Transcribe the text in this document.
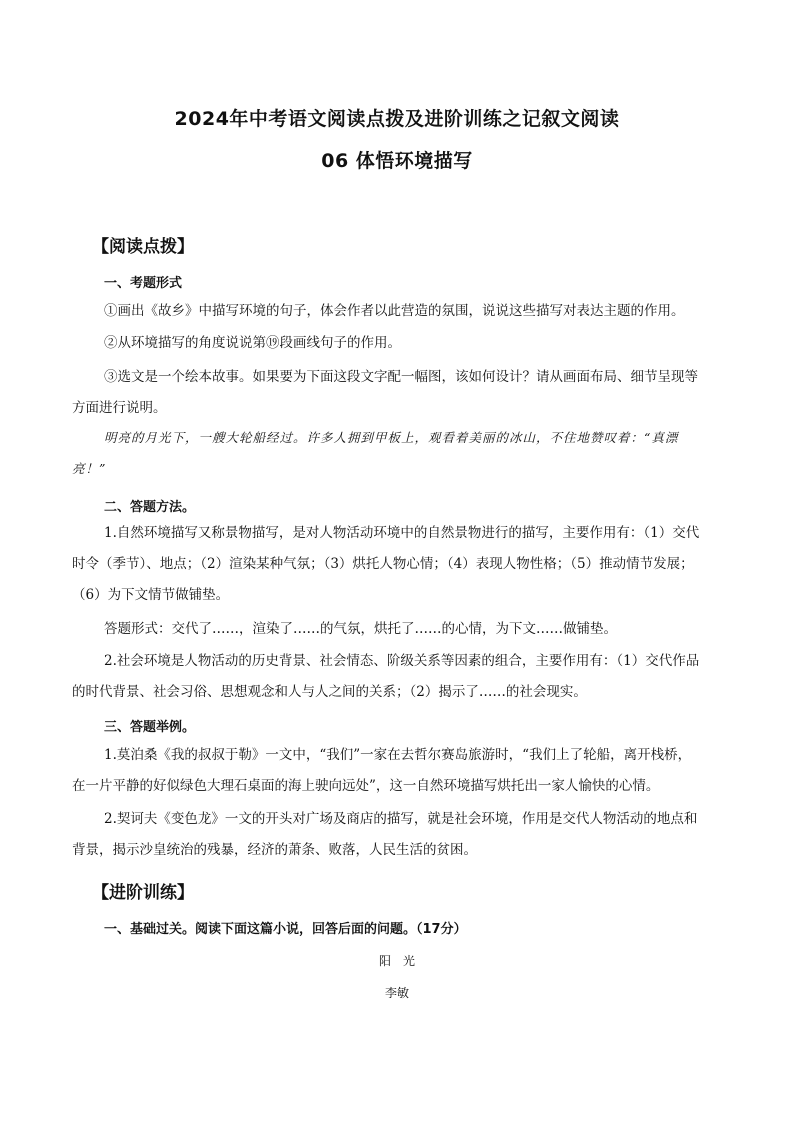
2024年中考语文阅读点拨及进阶训练之记叙文阅读
06 体悟环境描写
【阅读点拨】
一、考题形式
①画出《故乡》中描写环境的句子，体会作者以此营造的氛围，说说这些描写对表达主题的作用。
②从环境描写的角度说说第⑲段画线句子的作用。
③选文是一个绘本故事。如果要为下面这段文字配一幅图，该如何设计？请从画面布局、细节呈现等方面进行说明。
明亮的月光下，一艘大轮船经过。许多人拥到甲板上，观看着美丽的冰山，不住地赞叹着：“真漂亮！”
二、答题方法。
1.自然环境描写又称景物描写，是对人物活动环境中的自然景物进行的描写，主要作用有：（1）交代时令（季节）、地点；（2）渲染某种气氛；（3）烘托人物心情；（4）表现人物性格；（5）推动情节发展；（6）为下文情节做铺垫。
答题形式：交代了……，渲染了……的气氛，烘托了……的心情，为下文……做铺垫。
2.社会环境是人物活动的历史背景、社会情态、阶级关系等因素的组合，主要作用有：（1）交代作品的时代背景、社会习俗、思想观念和人与人之间的关系；（2）揭示了……的社会现实。
三、答题举例。
1.莫泊桑《我的叔叔于勒》一文中，“我们”一家在去哲尔赛岛旅游时，“我们上了轮船，离开栈桥，在一片平静的好似绿色大理石桌面的海上驶向远处”，这一自然环境描写烘托出一家人愉快的心情。
2.契诃夫《变色龙》一文的开头对广场及商店的描写，就是社会环境，作用是交代人物活动的地点和背景，揭示沙皇统治的残暴，经济的萧条、败落，人民生活的贫困。
【进阶训练】
一、基础过关。阅读下面这篇小说，回答后面的问题。（17分）
阳　光
李敏
